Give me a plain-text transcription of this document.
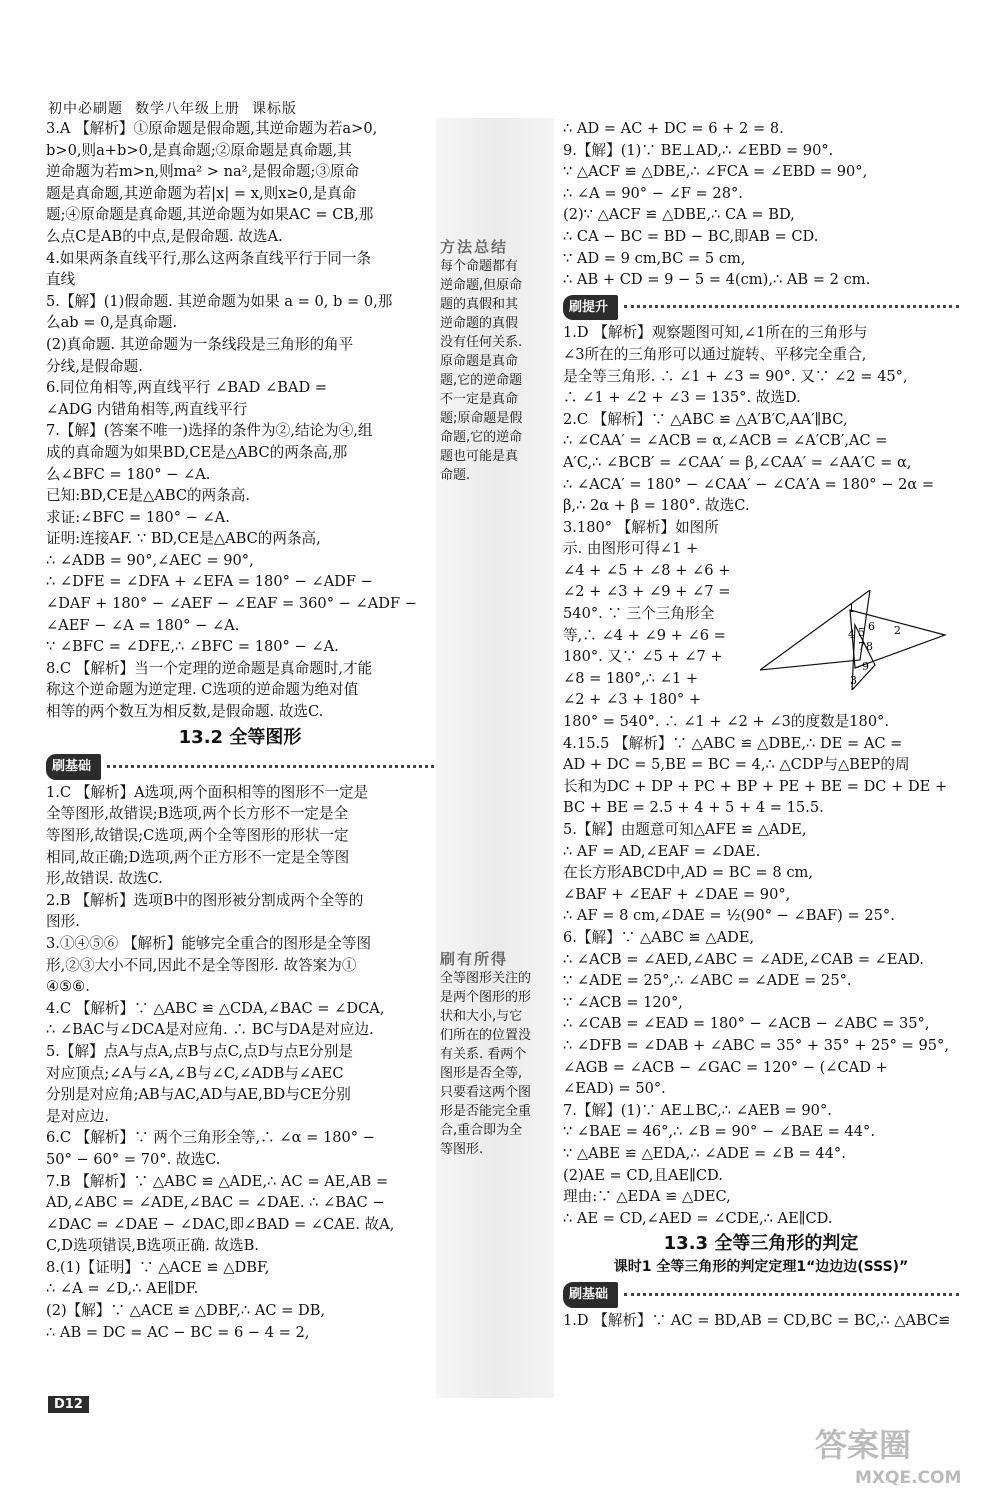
初中必刷题 数学八年级上册 课标版

3.A 【解析】①原命题是假命题,其逆命题为若a>0,

b>0,则a+b>0,是真命题;②原命题是真命题,其

逆命题为若m>n,则ma² > na²,是假命题;③原命

题是真命题,其逆命题为若|x| = x,则x≥0,是真命

题;④原命题是真命题,其逆命题为如果AC = CB,那

么点C是AB的中点,是假命题. 故选A.

4.如果两条直线平行,那么这两条直线平行于同一条

直线

5.【解】(1)假命题. 其逆命题为如果 a = 0, b = 0,那

么ab = 0,是真命题.

(2)真命题. 其逆命题为一条线段是三角形的角平

分线,是假命题.

6.同位角相等,两直线平行 ∠BAD ∠BAD =

∠ADG 内错角相等,两直线平行

7.【解】(答案不唯一)选择的条件为②,结论为④,组

成的真命题为如果BD,CE是△ABC的两条高,那

么∠BFC = 180° − ∠A.

已知:BD,CE是△ABC的两条高.

求证:∠BFC = 180° − ∠A.

证明:连接AF. ∵ BD,CE是△ABC的两条高,

∴ ∠ADB = 90°,∠AEC = 90°,

∴ ∠DFE = ∠DFA + ∠EFA = 180° − ∠ADF −

∠DAF + 180° − ∠AEF − ∠EAF = 360° − ∠ADF −

∠AEF − ∠A = 180° − ∠A.

∵ ∠BFC = ∠DFE,∴ ∠BFC = 180° − ∠A.

8.C 【解析】当一个定理的逆命题是真命题时,才能

称这个逆命题为逆定理. C选项的逆命题为绝对值

相等的两个数互为相反数,是假命题. 故选C.

13.2 全等图形
刷基础

1.C 【解析】A选项,两个面积相等的图形不一定是

全等图形,故错误;B选项,两个长方形不一定是全

等图形,故错误;C选项,两个全等图形的形状一定

相同,故正确;D选项,两个正方形不一定是全等图

形,故错误. 故选C.

2.B 【解析】选项B中的图形被分割成两个全等的

图形.

3.①④⑤⑥ 【解析】能够完全重合的图形是全等图

形,②③大小不同,因此不是全等图形. 故答案为①

④⑤⑥.

4.C 【解析】∵ △ABC ≌ △CDA,∠BAC = ∠DCA,

∴ ∠BAC与∠DCA是对应角. ∴ BC与DA是对应边.

5.【解】点A与点A,点B与点C,点D与点E分别是

对应顶点;∠A与∠A,∠B与∠C,∠ADB与∠AEC

分别是对应角;AB与AC,AD与AE,BD与CE分别

是对应边.

6.C 【解析】∵ 两个三角形全等,∴ ∠α = 180° −

50° − 60° = 70°. 故选C.

7.B 【解析】∵ △ABC ≌ △ADE,∴ AC = AE,AB =

AD,∠ABC = ∠ADE,∠BAC = ∠DAE. ∴ ∠BAC −

∠DAC = ∠DAE − ∠DAC,即∠BAD = ∠CAE. 故A,

C,D选项错误,B选项正确. 故选B.

8.(1)【证明】∵ △ACE ≌ △DBF,

∴ ∠A = ∠D,∴ AE∥DF.

(2)【解】∵ △ACE ≌ △DBF,∴ AC = DB,

∴ AB = DC = AC − BC = 6 − 4 = 2,

方法总结

每个命题都有

逆命题,但原命

题的真假和其

逆命题的真假

没有任何关系.

原命题是真命

题,它的逆命题

不一定是真命

题;原命题是假

命题,它的逆命

题也可能是真

命题.

刷有所得

全等图形关注的

是两个图形的形

状和大小,与它

们所在的位置没

有关系. 看两个

图形是否全等,

只要看这两个图

形是否能完全重

合,重合即为全

等图形.

∴ AD = AC + DC = 6 + 2 = 8.

9.【解】(1)∵ BE⊥AD,∴ ∠EBD = 90°.

∵ △ACF ≌ △DBE,∴ ∠FCA = ∠EBD = 90°,

∴ ∠A = 90° − ∠F = 28°.

(2)∵ △ACF ≌ △DBE,∴ CA = BD,

∴ CA − BC = BD − BC,即AB = CD.

∵ AD = 9 cm,BC = 5 cm,

∴ AB + CD = 9 − 5 = 4(cm),∴ AB = 2 cm.

刷提升

1.D 【解析】观察题图可知,∠1所在的三角形与

∠3所在的三角形可以通过旋转、平移完全重合,

是全等三角形. ∴ ∠1 + ∠3 = 90°. 又∵ ∠2 = 45°,

∴ ∠1 + ∠2 + ∠3 = 135°. 故选D.

2.C 【解析】∵ △ABC ≌ △A′B′C,AA′∥BC,

∴ ∠CAA′ = ∠ACB = α,∠ACB = ∠A′CB′,AC =

A′C,∴ ∠BCB′ = ∠CAA′ = β,∠CAA′ = ∠AA′C = α,

∴ ∠ACA′ = 180° − ∠CAA′ − ∠CA′A = 180° − 2α =

β,∴ 2α + β = 180°. 故选C.

3.180° 【解析】如图所

示. 由图形可得∠1 +

∠4 + ∠5 + ∠8 + ∠6 +

∠2 + ∠3 + ∠9 + ∠7 =

540°. ∵ 三个三角形全

等,∴ ∠4 + ∠9 + ∠6 =

180°. 又∵ ∠5 + ∠7 +

∠8 = 180°,∴ ∠1 +

∠2 + ∠3 + 180° +

180° = 540°. ∴ ∠1 + ∠2 + ∠3的度数是180°.

4.15.5 【解析】∵ △ABC ≌ △DBE,∴ DE = AC =

AD + DC = 5,BE = BC = 4,∴ △CDP与△BEP的周

长和为DC + DP + PC + BP + PE + BE = DC + DE +

BC + BE = 2.5 + 4 + 5 + 4 = 15.5.

5.【解】由题意可知△AFE ≌ △ADE,

∴ AF = AD,∠EAF = ∠DAE.

在长方形ABCD中,AD = BC = 8 cm,

∠BAF + ∠EAF + ∠DAE = 90°,

∴ AF = 8 cm,∠DAE = ½(90° − ∠BAF) = 25°.

6.【解】∵ △ABC ≌ △ADE,

∴ ∠ACB = ∠AED,∠ABC = ∠ADE,∠CAB = ∠EAD.

∵ ∠ADE = 25°,∴ ∠ABC = ∠ADE = 25°.

∵ ∠ACB = 120°,

∴ ∠CAB = ∠EAD = 180° − ∠ACB − ∠ABC = 35°,

∴ ∠DFB = ∠DAB + ∠ABC = 35° + 35° + 25° = 95°,

∠AGB = ∠ACB − ∠GAC = 120° − (∠CAD +

∠EAD) = 50°.

7.【解】(1)∵ AE⊥BC,∴ ∠AEB = 90°.

∵ ∠BAE = 46°,∴ ∠B = 90° − ∠BAE = 44°.

∵ △ABE ≌ △EDA,∴ ∠ADE = ∠B = 44°.

(2)AE = CD,且AE∥CD.

理由:∵ △EDA ≌ △DEC,

∴ AE = CD,∠AED = ∠CDE,∴ AE∥CD.

13.3 全等三角形的判定
课时1 全等三角形的判定定理1“边边边(SSS)”
刷基础

1.D 【解析】∵ AC = BD,AB = CD,BC = BC,∴ △ABC≌

1
4 5 6 2
7 8
9
3
D12
答案圈
MXQE.COM
